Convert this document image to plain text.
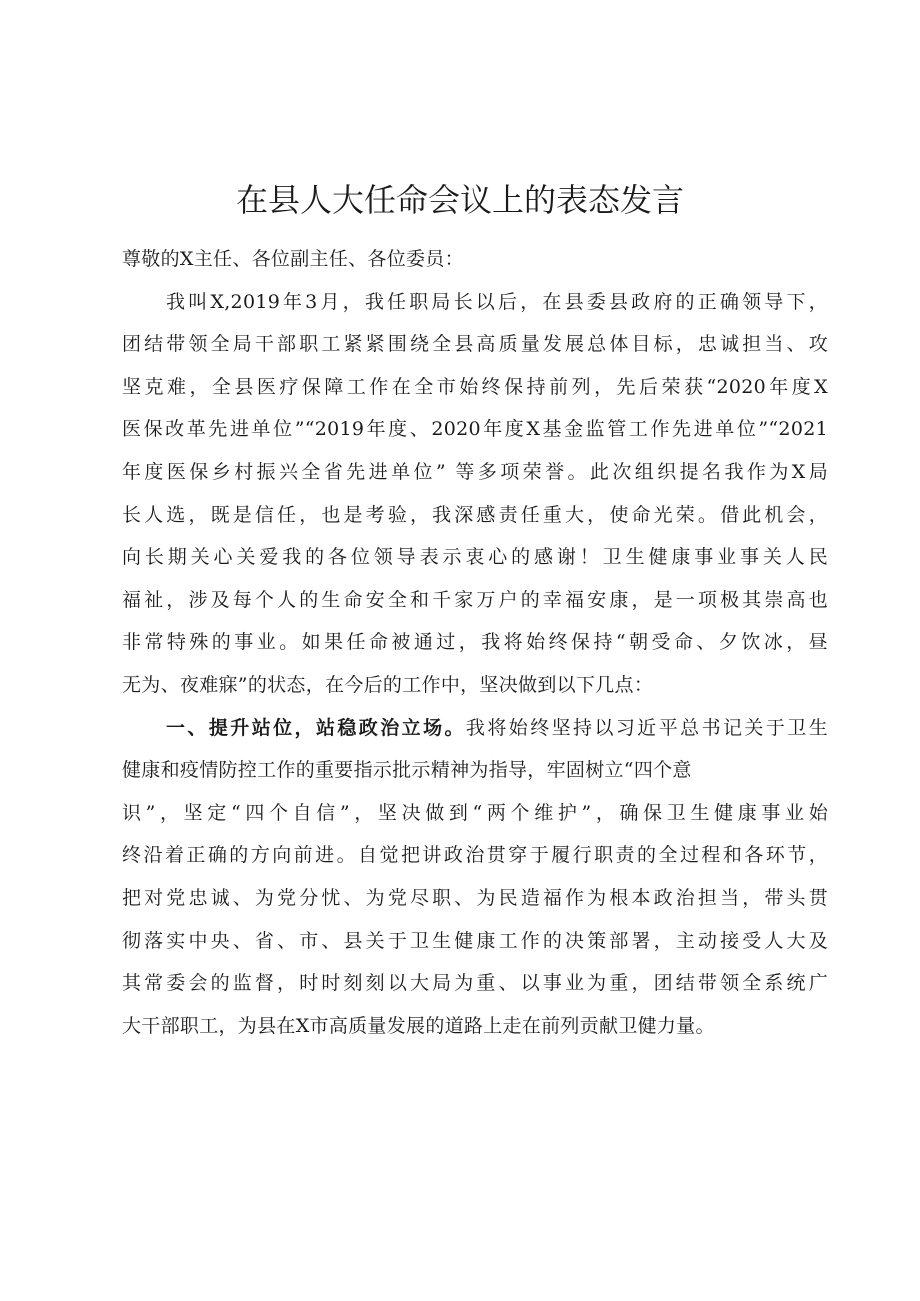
在县人大任命会议上的表态发言
尊敬的X主任、各位副主任、各位委员：
我叫X,2019年3月，我任职局长以后，在县委县政府的正确领导下，
团结带领全局干部职工紧紧围绕全县高质量发展总体目标，忠诚担当、攻
坚克难，全县医疗保障工作在全市始终保持前列，先后荣获“2020年度X
医保改革先进单位”“2019年度、2020年度X基金监管工作先进单位”“2021
年度医保乡村振兴全省先进单位” 等多项荣誉。此次组织提名我作为X局
长人选，既是信任，也是考验，我深感责任重大，使命光荣。借此机会，
向长期关心关爱我的各位领导表示衷心的感谢！卫生健康事业事关人民
福祉，涉及每个人的生命安全和千家万户的幸福安康，是一项极其崇高也
非常特殊的事业。如果任命被通过，我将始终保持“朝受命、夕饮冰，昼
无为、夜难寐”的状态，在今后的工作中，坚决做到以下几点：
一、提升站位，站稳政治立场。我将始终坚持以习近平总书记关于卫生
健康和疫情防控工作的重要指示批示精神为指导，牢固树立“四个意
识”，坚定“四个自信”，坚决做到“两个维护”，确保卫生健康事业始
终沿着正确的方向前进。自觉把讲政治贯穿于履行职责的全过程和各环节，
把对党忠诚、为党分忧、为党尽职、为民造福作为根本政治担当，带头贯
彻落实中央、省、市、县关于卫生健康工作的决策部署，主动接受人大及
其常委会的监督，时时刻刻以大局为重、以事业为重，团结带领全系统广
大干部职工，为县在X市高质量发展的道路上走在前列贡献卫健力量。
